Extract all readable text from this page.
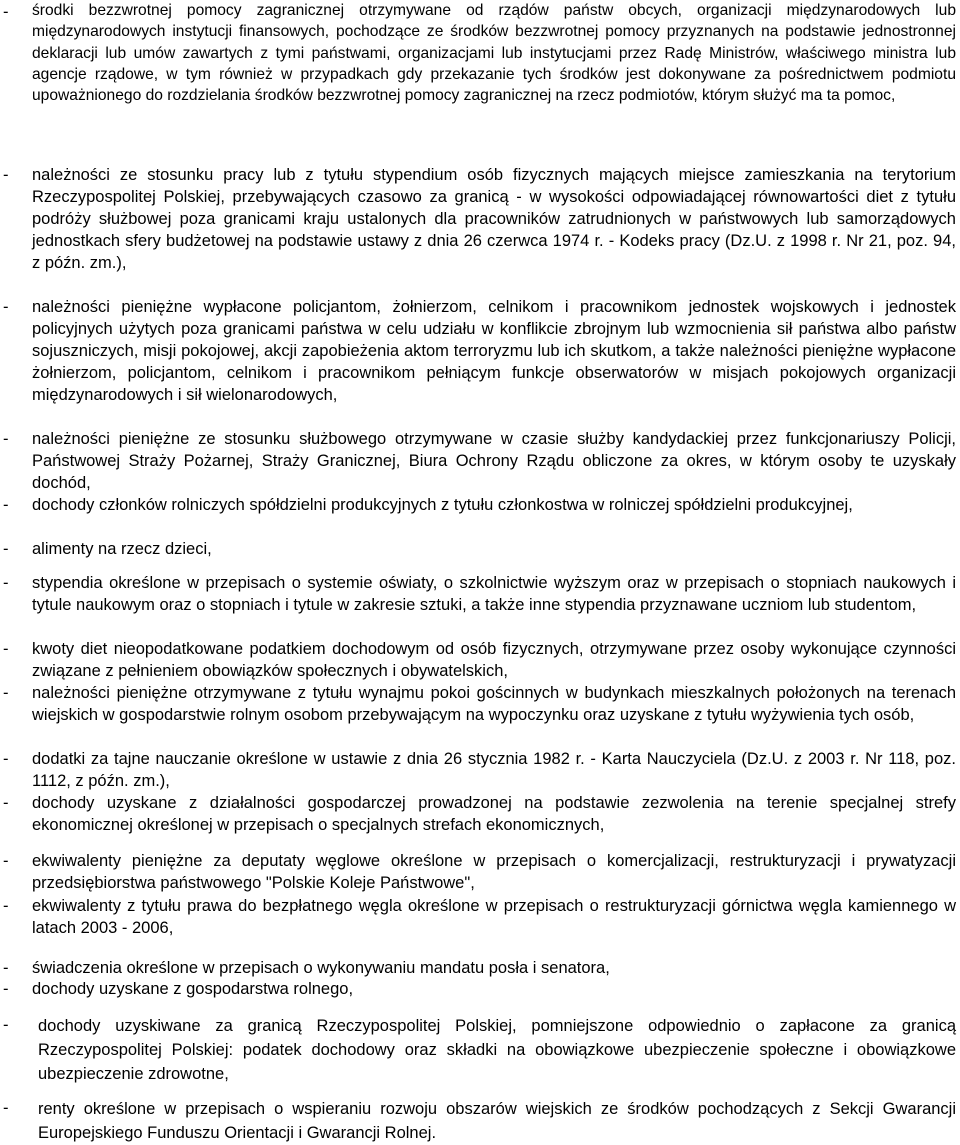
- środki bezzwrotnej pomocy zagranicznej otrzymywane od rządów państw obcych, organizacji międzynarodowych lub międzynarodowych instytucji finansowych, pochodzące ze środków bezzwrotnej pomocy przyznanych na podstawie jednostronnej deklaracji lub umów zawartych z tymi państwami, organizacjami lub instytucjami przez Radę Ministrów, właściwego ministra lub agencje rządowe, w tym również w przypadkach gdy przekazanie tych środków jest dokonywane za pośrednictwem podmiotu upoważnionego do rozdzielania środków bezzwrotnej pomocy zagranicznej na rzecz podmiotów, którym służyć ma ta pomoc,
- należności ze stosunku pracy lub z tytułu stypendium osób fizycznych mających miejsce zamieszkania na terytorium Rzeczypospolitej Polskiej, przebywających czasowo za granicą - w wysokości odpowiadającej równowartości diet z tytułu podróży służbowej poza granicami kraju ustalonych dla pracowników zatrudnionych w państwowych lub samorządowych jednostkach sfery budżetowej na podstawie ustawy z dnia 26 czerwca 1974 r. - Kodeks pracy (Dz.U. z 1998 r. Nr 21, poz. 94, z późn. zm.),
- należności pieniężne wypłacone policjantom, żołnierzom, celnikom i pracownikom jednostek wojskowych i jednostek policyjnych użytych poza granicami państwa w celu udziału w konflikcie zbrojnym lub wzmocnienia sił państwa albo państw sojuszniczych, misji pokojowej, akcji zapobieżenia aktom terroryzmu lub ich skutkom, a także należności pieniężne wypłacone żołnierzom, policjantom, celnikom i pracownikom pełniącym funkcje obserwatorów w misjach pokojowych organizacji międzynarodowych i sił wielonarodowych,
- należności pieniężne ze stosunku służbowego otrzymywane w czasie służby kandydackiej przez funkcjonariuszy Policji, Państwowej Straży Pożarnej, Straży Granicznej, Biura Ochrony Rządu obliczone za okres, w którym osoby te uzyskały dochód,
- dochody członków rolniczych spółdzielni produkcyjnych z tytułu członkostwa w rolniczej spółdzielni produkcyjnej,
- alimenty na rzecz dzieci,
- stypendia określone w przepisach o systemie oświaty, o szkolnictwie wyższym oraz w przepisach o stopniach naukowych i tytule naukowym oraz o stopniach i tytule w zakresie sztuki, a także inne stypendia przyznawane uczniom lub studentom,
- kwoty diet nieopodatkowane podatkiem dochodowym od osób fizycznych, otrzymywane przez osoby wykonujące czynności związane z pełnieniem obowiązków społecznych i obywatelskich,
- należności pieniężne otrzymywane z tytułu wynajmu pokoi gościnnych w budynkach mieszkalnych położonych na terenach wiejskich w gospodarstwie rolnym osobom przebywającym na wypoczynku oraz uzyskane z tytułu wyżywienia tych osób,
- dodatki za tajne nauczanie określone w ustawie z dnia 26 stycznia 1982 r. - Karta Nauczyciela (Dz.U. z 2003 r. Nr 118, poz. 1112, z późn. zm.),
- dochody uzyskane z działalności gospodarczej prowadzonej na podstawie zezwolenia na terenie specjalnej strefy ekonomicznej określonej w przepisach o specjalnych strefach ekonomicznych,
- ekwiwalenty pieniężne za deputaty węglowe określone w przepisach o komercjalizacji, restrukturyzacji i prywatyzacji przedsiębiorstwa państwowego "Polskie Koleje Państwowe",
- ekwiwalenty z tytułu prawa do bezpłatnego węgla określone w przepisach o restrukturyzacji górnictwa węgla kamiennego w latach 2003 - 2006,
- świadczenia określone w przepisach o wykonywaniu mandatu posła i senatora,
- dochody uzyskane z gospodarstwa rolnego,
- dochody uzyskiwane za granicą Rzeczypospolitej Polskiej, pomniejszone odpowiednio o zapłacone za granicą Rzeczypospolitej Polskiej: podatek dochodowy oraz składki na obowiązkowe ubezpieczenie społeczne i obowiązkowe ubezpieczenie zdrowotne,
- renty określone w przepisach o wspieraniu rozwoju obszarów wiejskich ze środków pochodzących z Sekcji Gwarancji Europejskiego Funduszu Orientacji i Gwarancji Rolnej.
